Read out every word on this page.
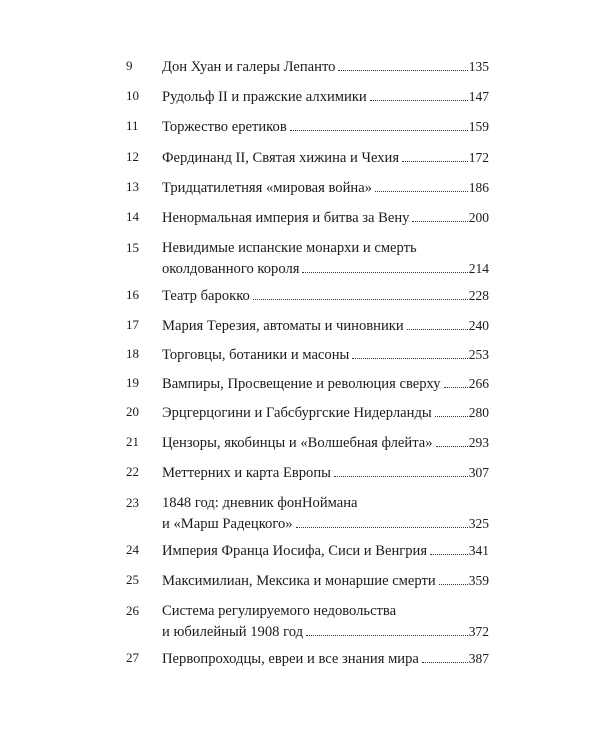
9	Дон Хуан и галеры Лепанто	135
10	Рудольф II и пражские алхимики	147
11	Торжество еретиков	159
12	Фердинанд II, Святая хижина и Чехия	172
13	Тридцатилетняя «мировая война»	186
14	Ненормальная империя и битва за Вену	200
15	Невидимые испанские монархи и смерть
околдованного короля	214
16	Театр барокко	228
17	Мария Терезия, автоматы и чиновники	240
18	Торговцы, ботаники и масоны	253
19	Вампиры, Просвещение и революция сверху 266
20	Эрцгерцогини и Габсбургские Нидерланды	280
21	Цензоры, якобинцы и «Волшебная флейта»	293
22	Меттерних и карта Европы	307
23	1848 год: дневник фонНоймана
и «Марш Радецкого»	325
24	Империя Франца Иосифа, Сиси и Венгрия	341
25	Максимилиан, Мексика и монаршие смерти 359
26	Система регулируемого недовольства
и юбилейный 1908 год	372
27	Первопроходцы, евреи и все знания мира	387
